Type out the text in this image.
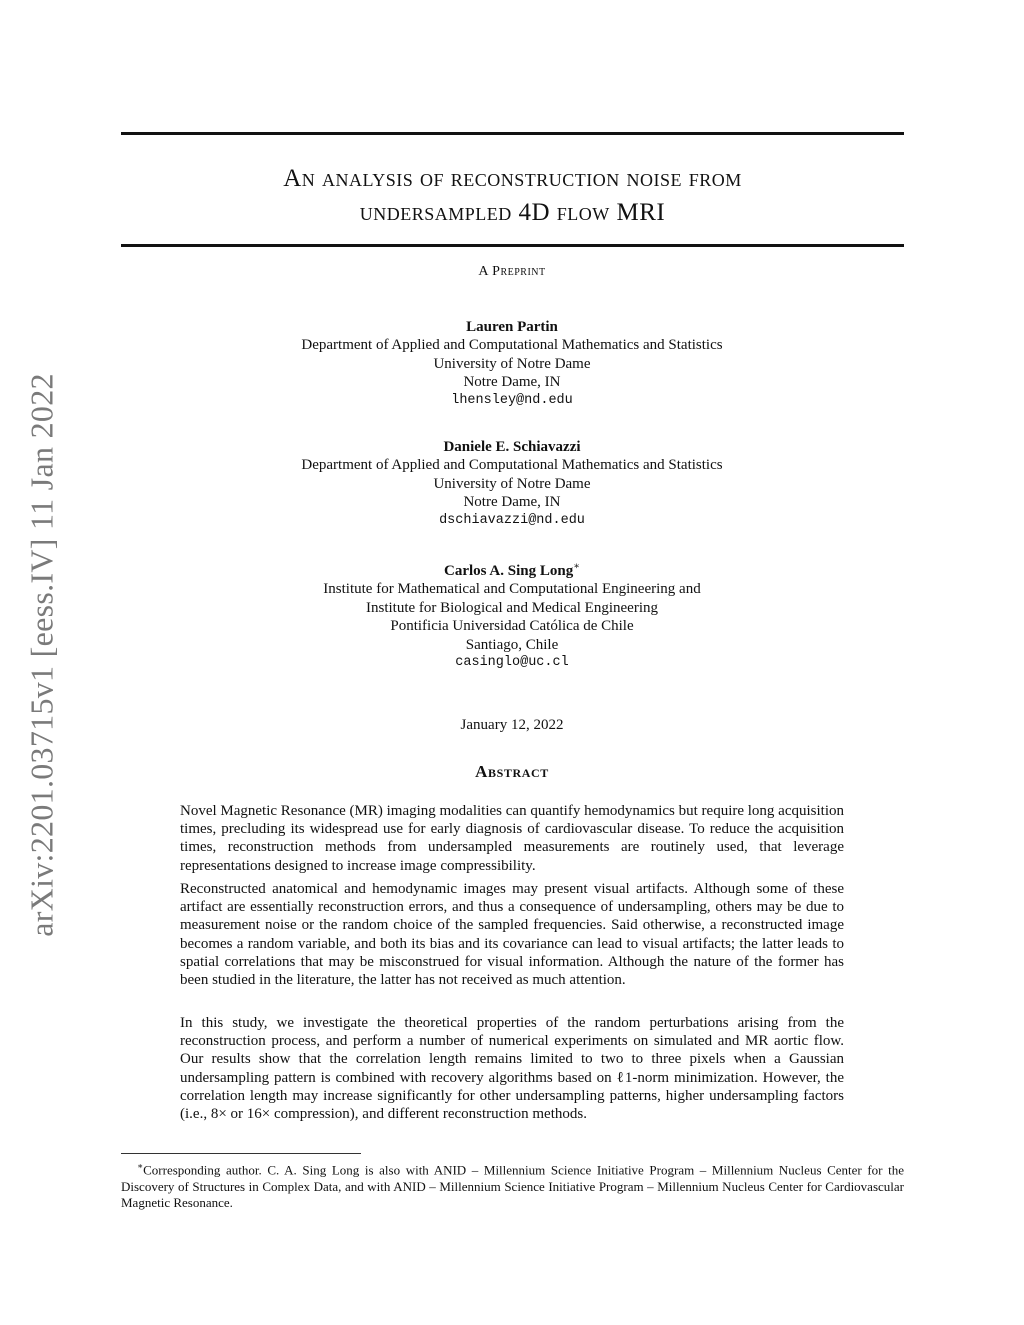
arXiv:2201.03715v1 [eess.IV] 11 Jan 2022
An analysis of reconstruction noise from
undersampled 4D flow MRI
A Preprint
Lauren Partin
Department of Applied and Computational Mathematics and Statistics
University of Notre Dame
Notre Dame, IN
lhensley@nd.edu
Daniele E. Schiavazzi
Department of Applied and Computational Mathematics and Statistics
University of Notre Dame
Notre Dame, IN
dschiavazzi@nd.edu
Carlos A. Sing Long∗
Institute for Mathematical and Computational Engineering and
Institute for Biological and Medical Engineering
Pontificia Universidad Católica de Chile
Santiago, Chile
casinglo@uc.cl
January 12, 2022
Abstract

Novel Magnetic Resonance (MR) imaging modalities can quantify hemodynamics but require long acquisition times, precluding its widespread use for early diagnosis of cardiovascular disease. To reduce the acquisition times, reconstruction methods from undersampled measurements are routinely used, that leverage representations designed to increase image compressibility.

Reconstructed anatomical and hemodynamic images may present visual artifacts. Although some of these artifact are essentially reconstruction errors, and thus a consequence of undersampling, others may be due to measurement noise or the random choice of the sampled frequencies. Said otherwise, a reconstructed image becomes a random variable, and both its bias and its covariance can lead to visual artifacts; the latter leads to spatial correlations that may be misconstrued for visual information. Although the nature of the former has been studied in the literature, the latter has not received as much attention.

In this study, we investigate the theoretical properties of the random perturbations arising from the reconstruction process, and perform a number of numerical experiments on simulated and MR aortic flow. Our results show that the correlation length remains limited to two to three pixels when a Gaussian undersampling pattern is combined with recovery algorithms based on ℓ1-norm minimization. However, the correlation length may increase significantly for other undersampling patterns, higher undersampling factors (i.e., 8× or 16× compression), and different reconstruction methods.

∗Corresponding author. C. A. Sing Long is also with ANID – Millennium Science Initiative Program – Millennium Nucleus Center for the Discovery of Structures in Complex Data, and with ANID – Millennium Science Initiative Program – Millennium Nucleus Center for Cardiovascular Magnetic Resonance.
